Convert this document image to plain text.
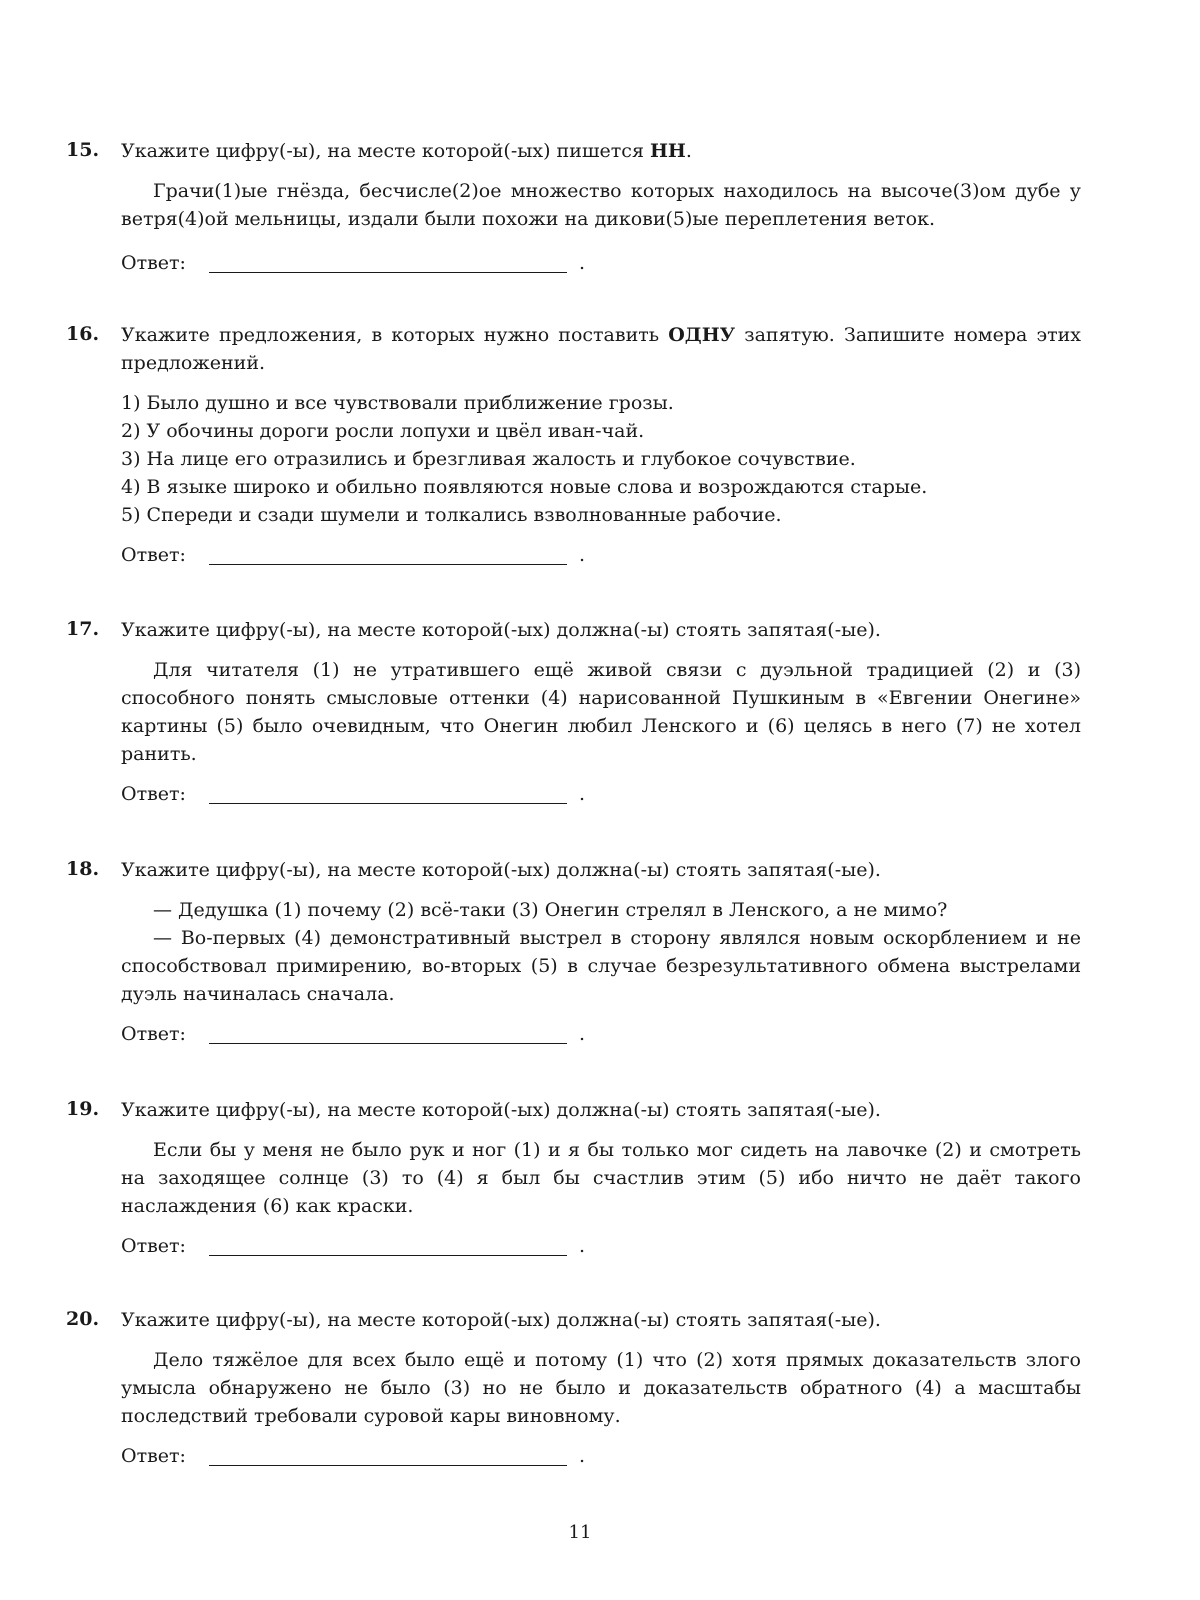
15. Укажите цифру(-ы), на месте которой(-ых) пишется НН.

Грачи(1)ые гнёзда, бесчисле(2)ое множество которых находилось на высоче(3)ом дубе у ветря(4)ой мельницы, издали были похожи на дикови(5)ые переплетения веток.

Ответ:	.
16. Укажите предложения, в которых нужно поставить ОДНУ запятую. Запишите номера этих предложений.
1) Было душно и все чувствовали приближение грозы.
2) У обочины дороги росли лопухи и цвёл иван-чай.
3) На лице его отразились и брезгливая жалость и глубокое сочувствие.
4) В языке широко и обильно появляются новые слова и возрождаются старые.
5) Спереди и сзади шумели и толкались взволнованные рабочие.
Ответ:	.
17. Укажите цифру(-ы), на месте которой(-ых) должна(-ы) стоять запятая(-ые).

Для читателя (1) не утратившего ещё живой связи с дуэльной традицией (2) и (3) способного понять смысловые оттенки (4) нарисованной Пушкиным в «Евгении Онегине» картины (5) было очевидным, что Онегин любил Ленского и (6) целясь в него (7) не хотел ранить.

Ответ:	.
18. Укажите цифру(-ы), на месте которой(-ых) должна(-ы) стоять запятая(-ые).

— Дедушка (1) почему (2) всё-таки (3) Онегин стрелял в Ленского, а не мимо?

— Во-первых (4) демонстративный выстрел в сторону являлся новым оскорблением и не способствовал примирению, во-вторых (5) в случае безрезультативного обмена выстрелами дуэль начиналась сначала.

Ответ:	.
19. Укажите цифру(-ы), на месте которой(-ых) должна(-ы) стоять запятая(-ые).

Если бы у меня не было рук и ног (1) и я бы только мог сидеть на лавочке (2) и смотреть на заходящее солнце (3) то (4) я был бы счастлив этим (5) ибо ничто не даёт такого наслаждения (6) как краски.

Ответ:	.
20. Укажите цифру(-ы), на месте которой(-ых) должна(-ы) стоять запятая(-ые).

Дело тяжёлое для всех было ещё и потому (1) что (2) хотя прямых доказательств злого умысла обнаружено не было (3) но не было и доказательств обратного (4) а масштабы последствий требовали суровой кары виновному.

Ответ:	.
11
